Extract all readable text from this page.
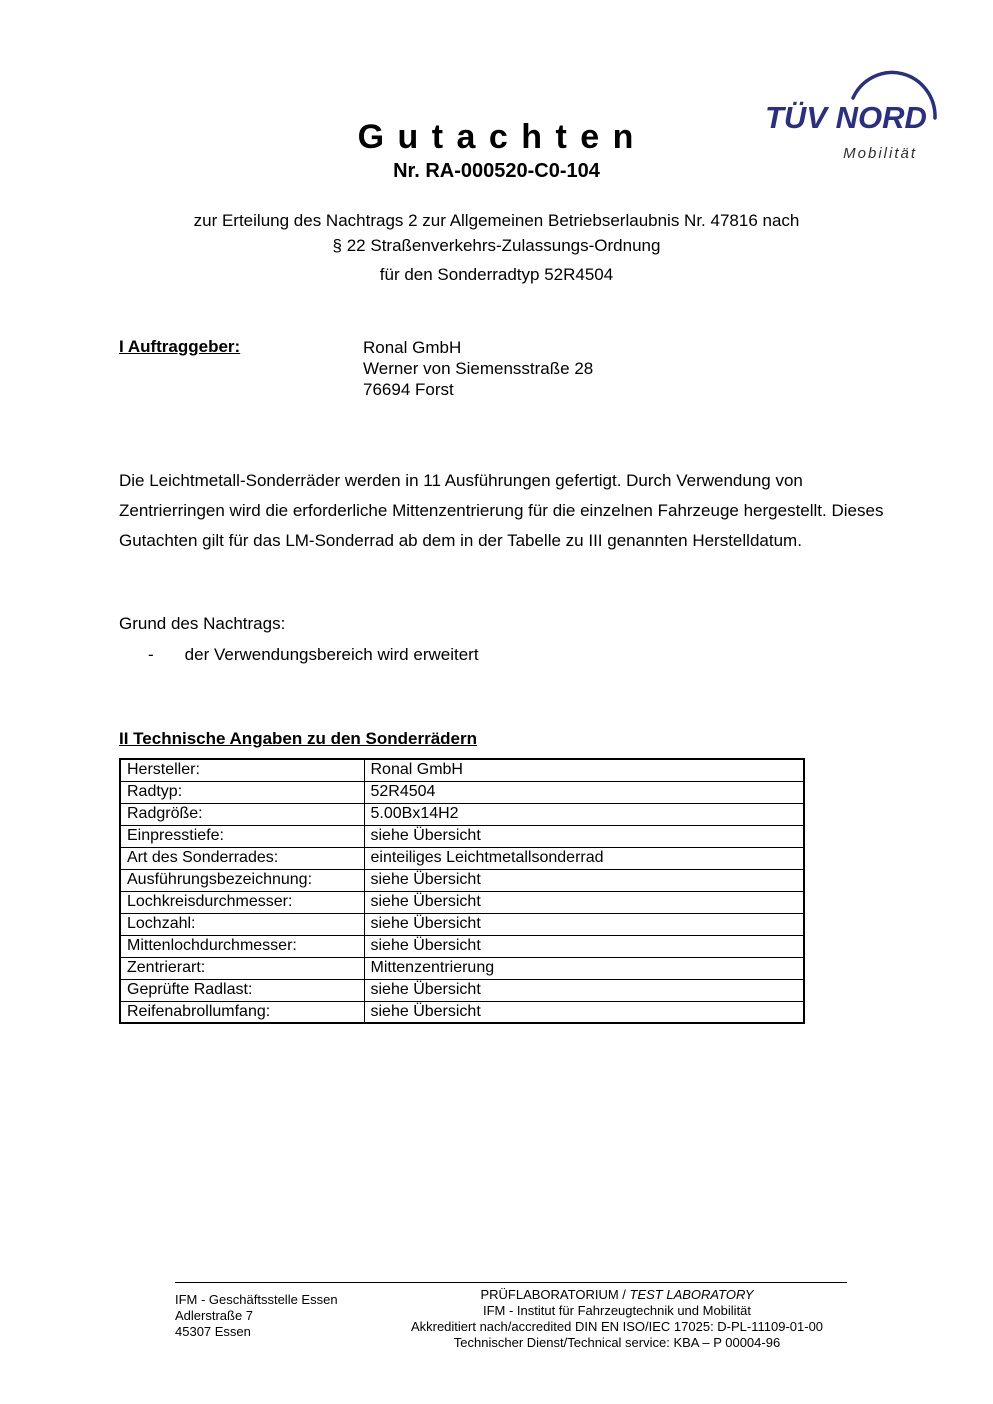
TÜV NORD
Mobilität
G u t a c h t e n
Nr. RA-000520-C0-104
zur Erteilung des Nachtrags 2 zur Allgemeinen Betriebserlaubnis Nr. 47816 nach
§ 22 Straßenverkehrs-Zulassungs-Ordnung
für den Sonderradtyp 52R4504
I Auftraggeber:	Ronal GmbH
Werner von Siemensstraße 28
76694 Forst
Die Leichtmetall-Sonderräder werden in 11 Ausführungen gefertigt. Durch Verwendung von Zentrierringen wird die erforderliche Mittenzentrierung für die einzelnen Fahrzeuge hergestellt. Dieses Gutachten gilt für das LM-Sonderrad ab dem in der Tabelle zu III genannten Herstelldatum.
Grund des Nachtrags:
- der Verwendungsbereich wird erweitert
II Technische Angaben zu den Sonderrädern
Hersteller:	Ronal GmbH
Radtyp:	52R4504
Radgröße:	5.00Bx14H2
Einpresstiefe:	siehe Übersicht
Art des Sonderrades:	einteiliges Leichtmetallsonderrad
Ausführungsbezeichnung:	siehe Übersicht
Lochkreisdurchmesser:	siehe Übersicht
Lochzahl:	siehe Übersicht
Mittenlochdurchmesser:	siehe Übersicht
Zentrierart:	Mittenzentrierung
Geprüfte Radlast:	siehe Übersicht
Reifenabrollumfang:	siehe Übersicht
IFM - Geschäftsstelle Essen
Adlerstraße 7
45307 Essen
PRÜFLABORATORIUM / TEST LABORATORY
IFM - Institut für Fahrzeugtechnik und Mobilität
Akkreditiert nach/accredited DIN EN ISO/IEC 17025: D-PL-11109-01-00
Technischer Dienst/Technical service: KBA – P 00004-96
